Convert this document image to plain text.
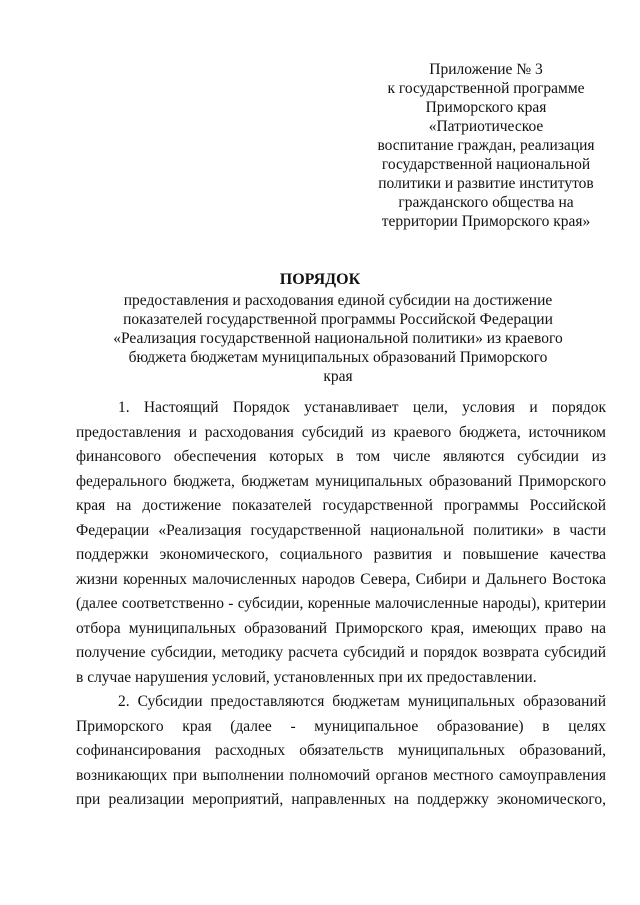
Приложение № 3
к государственной программе
Приморского края
«Патриотическое
воспитание граждан, реализация
государственной национальной
политики и развитие институтов
гражданского общества на
территории Приморского края»
ПОРЯДОК
предоставления и расходования единой субсидии на достижение
показателей государственной программы Российской Федерации
«Реализация государственной национальной политики» из краевого
бюджета бюджетам муниципальных образований Приморского
края
1. Настоящий Порядок устанавливает цели, условия и порядок
предоставления и расходования субсидий из краевого бюджета, источником
финансового обеспечения которых в том числе являются субсидии из
федерального бюджета, бюджетам муниципальных образований Приморского
края на достижение показателей государственной программы Российской
Федерации «Реализация государственной национальной политики» в части
поддержки экономического, социального развития и повышение качества
жизни коренных малочисленных народов Севера, Сибири и Дальнего Востока
(далее соответственно - субсидии, коренные малочисленные народы), критерии
отбора муниципальных образований Приморского края, имеющих право на
получение субсидии, методику расчета субсидий и порядок возврата субсидий
в случае нарушения условий, установленных при их предоставлении.
2. Субсидии предоставляются бюджетам муниципальных образований
Приморского края (далее - муниципальное образование) в целях
софинансирования расходных обязательств муниципальных образований,
возникающих при выполнении полномочий органов местного самоуправления
при реализации мероприятий, направленных на поддержку экономического,
